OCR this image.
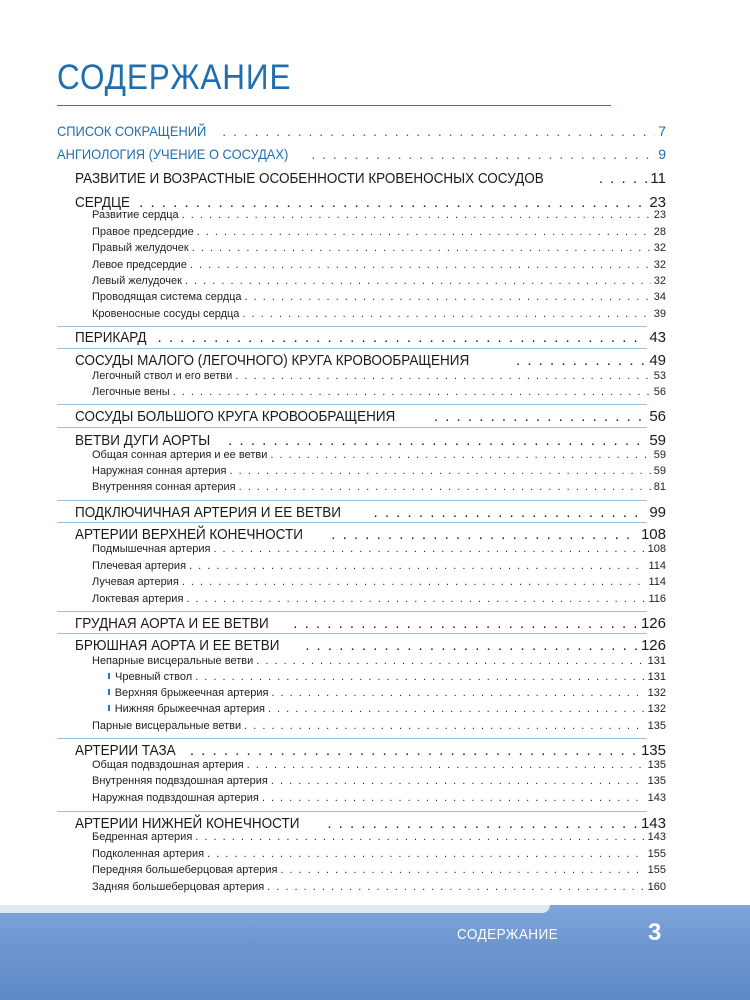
СОДЕРЖАНИЕ
СПИСОК СОКРАЩЕНИЙ . . .	7
АНГИОЛОГИЯ (УЧЕНИЕ О СОСУДАХ) . . .	9
РАЗВИТИЕ И ВОЗРАСТНЫЕ ОСОБЕННОСТИ КРОВЕНОСНЫХ СОСУДОВ . . .	11
СЕРДЦЕ . . .	23
Развитие сердца . . .	23
Правое предсердие . . .	28
Правый желудочек . . .	32
Левое предсердие . . .	32
Левый желудочек . . .	32
Проводящая система сердца . . .	34
Кровеносные сосуды сердца . . .	39
ПЕРИКАРД . . .	43
СОСУДЫ МАЛОГО (ЛЕГОЧНОГО) КРУГА КРОВООБРАЩЕНИЯ . . .	49
Легочный ствол и его ветви . . .	53
Легочные вены . . .	56
СОСУДЫ БОЛЬШОГО КРУГА КРОВООБРАЩЕНИЯ . . .	56
ВЕТВИ ДУГИ АОРТЫ . . .	59
Общая сонная артерия и ее ветви . . .	59
Наружная сонная артерия . . .	59
Внутренняя сонная артерия . . .	81
ПОДКЛЮЧИЧНАЯ АРТЕРИЯ И ЕЕ ВЕТВИ . . .	99
АРТЕРИИ ВЕРХНЕЙ КОНЕЧНОСТИ . . .	108
Подмышечная артерия . . .	108
Плечевая артерия . . .	114
Лучевая артерия . . .	114
Локтевая артерия . . .	116
ГРУДНАЯ АОРТА И ЕЕ ВЕТВИ . . .	126
БРЮШНАЯ АОРТА И ЕЕ ВЕТВИ . . .	126
Непарные висцеральные ветви . . .	131
Чревный ствол . . .	131
Верхняя брыжеечная артерия . . .	132
Нижняя брыжеечная артерия . . .	132
Парные висцеральные ветви . . .	135
АРТЕРИИ ТАЗА . . .	135
Общая подвздошная артерия . . .	135
Внутренняя подвздошная артерия . . .	135
Наружная подвздошная артерия . . .	143
АРТЕРИИ НИЖНЕЙ КОНЕЧНОСТИ . . .	143
Бедренная артерия . . .	143
Подколенная артерия . . .	155
Передняя большеберцовая артерия . . .	155
Задняя большеберцовая артерия . . .	160
СОДЕРЖАНИЕ	3
